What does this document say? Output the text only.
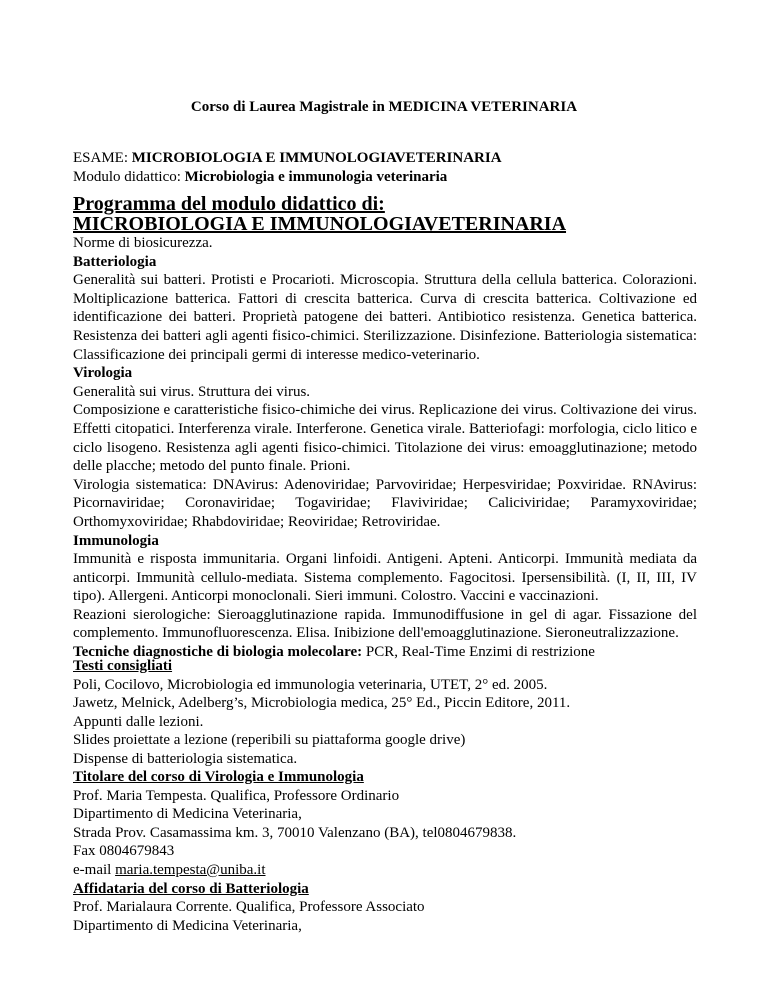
Corso di Laurea Magistrale in MEDICINA VETERINARIA
ESAME: MICROBIOLOGIA E IMMUNOLOGIAVETERINARIA
Modulo didattico: Microbiologia e immunologia veterinaria
Programma del modulo didattico di:
MICROBIOLOGIA E IMMUNOLOGIAVETERINARIA

Norme di biosicurezza.

Batteriologia

Generalità sui batteri. Protisti e Procarioti. Microscopia. Struttura della cellula batterica. Colorazioni. Moltiplicazione batterica. Fattori di crescita batterica. Curva di crescita batterica. Coltivazione ed identificazione dei batteri. Proprietà patogene dei batteri. Antibiotico resistenza. Genetica batterica. Resistenza dei batteri agli agenti fisico-chimici. Sterilizzazione. Disinfezione. Batteriologia sistematica: Classificazione dei principali germi di interesse medico-veterinario.

Virologia

Generalità sui virus. Struttura dei virus.

Composizione e caratteristiche fisico-chimiche dei virus. Replicazione dei virus. Coltivazione dei virus. Effetti citopatici. Interferenza virale. Interferone. Genetica virale. Batteriofagi: morfologia, ciclo litico e ciclo lisogeno. Resistenza agli agenti fisico-chimici. Titolazione dei virus: emoagglutinazione; metodo delle placche; metodo del punto finale. Prioni.

Virologia sistematica: DNAvirus: Adenoviridae; Parvoviridae; Herpesviridae; Poxviridae. RNAvirus: Picornaviridae; Coronaviridae; Togaviridae; Flaviviridae; Caliciviridae; Paramyxoviridae; Orthomyxoviridae; Rhabdoviridae; Reoviridae; Retroviridae.

Immunologia

Immunità e risposta immunitaria. Organi linfoidi. Antigeni. Apteni. Anticorpi. Immunità mediata da anticorpi. Immunità cellulo-mediata. Sistema complemento. Fagocitosi. Ipersensibilità. (I, II, III, IV tipo). Allergeni. Anticorpi monoclonali. Sieri immuni. Colostro. Vaccini e vaccinazioni.

Reazioni sierologiche: Sieroagglutinazione rapida. Immunodiffusione in gel di agar. Fissazione del complemento. Immunofluorescenza. Elisa. Inibizione dell'emoagglutinazione. Sieroneutralizzazione.

Tecniche diagnostiche di biologia molecolare: PCR, Real-Time Enzimi di restrizione

Testi consigliati

Poli, Cocilovo, Microbiologia ed immunologia veterinaria, UTET, 2° ed. 2005.

Jawetz, Melnick, Adelberg’s, Microbiologia medica, 25° Ed., Piccin Editore, 2011.

Appunti dalle lezioni.

Slides proiettate a lezione (reperibili su piattaforma google drive)

Dispense di batteriologia sistematica.

Titolare del corso di Virologia e Immunologia

Prof. Maria Tempesta. Qualifica, Professore Ordinario

Dipartimento di Medicina Veterinaria,

Strada Prov. Casamassima km. 3, 70010 Valenzano (BA), tel0804679838.

Fax 0804679843

e-mail maria.tempesta@uniba.it

Affidataria del corso di Batteriologia

Prof. Marialaura Corrente. Qualifica, Professore Associato

Dipartimento di Medicina Veterinaria,
